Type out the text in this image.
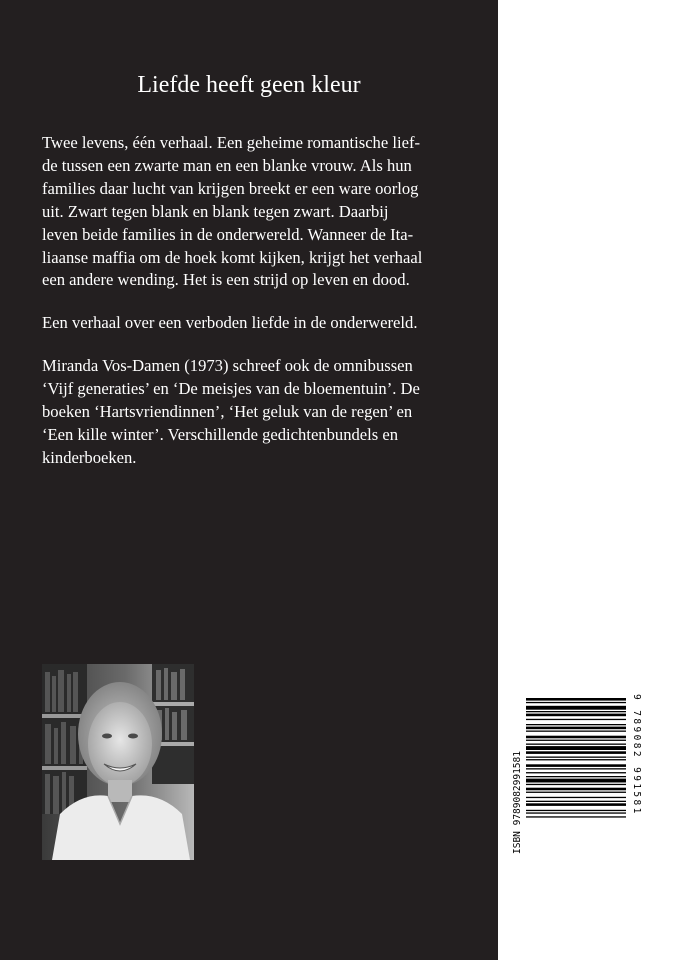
Liefde heeft geen kleur

Twee levens, één verhaal. Een geheime romantische lief-
de tussen een zwarte man en een blanke vrouw. Als hun
families daar lucht van krijgen breekt er een ware oorlog
uit. Zwart tegen blank en blank tegen zwart. Daarbij
leven beide families in de onderwereld. Wanneer de Ita-
liaanse maffia om de hoek komt kijken, krijgt het verhaal
een andere wending. Het is een strijd op leven en dood.

Een verhaal over een verboden liefde in de onderwereld.

Miranda Vos-Damen (1973) schreef ook de omnibussen
‘Vijf generaties’ en ‘De meisjes van de bloementuin’. De
boeken ‘Hartsvriendinnen’, ‘Het geluk van de regen’ en
‘Een kille winter’. Verschillende gedichtenbundels en
kinderboeken.

ISBN 9789082991581	9 789082 991581
